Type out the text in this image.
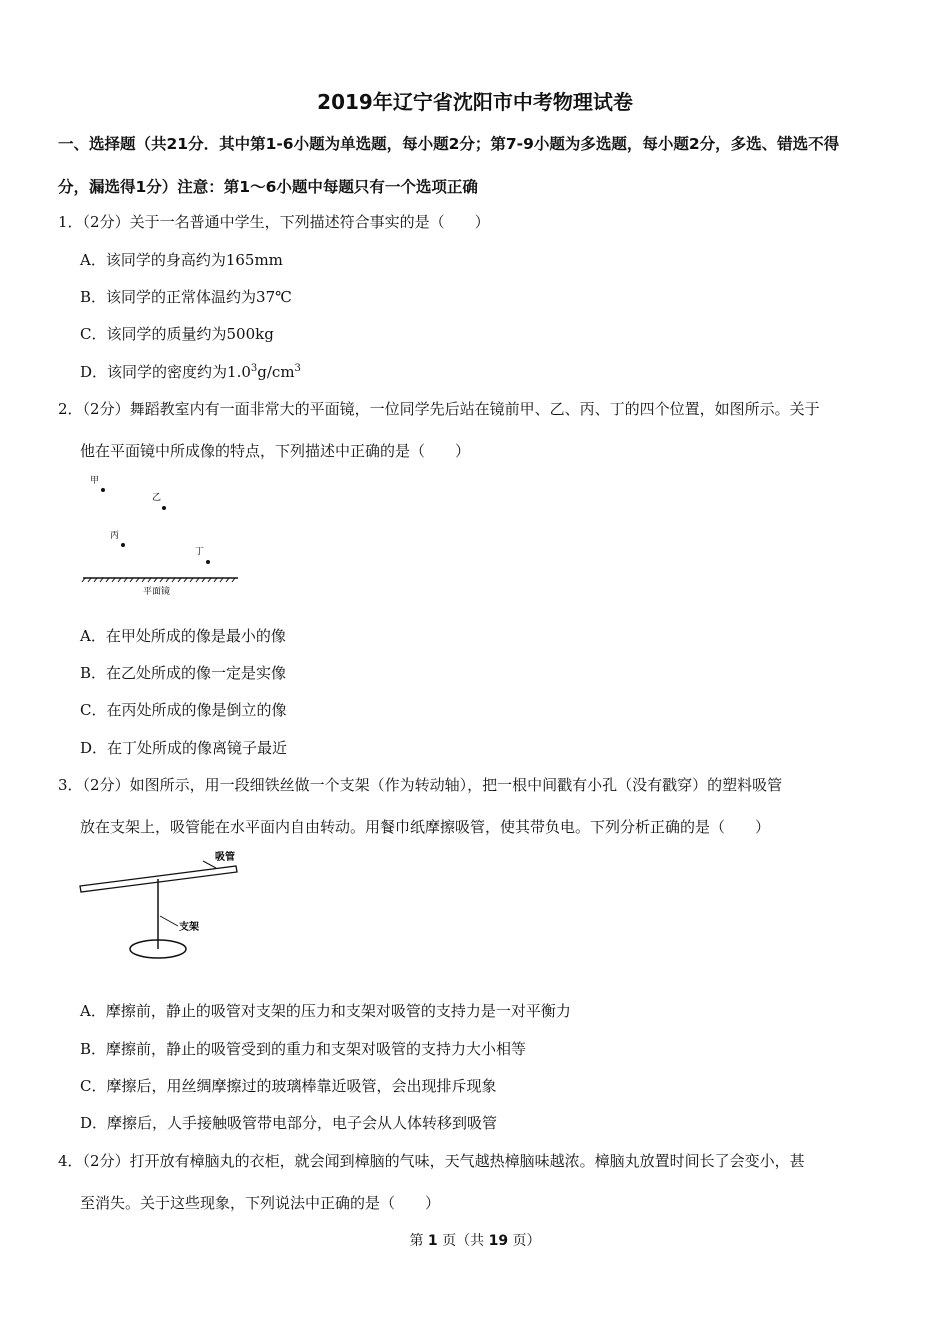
2019年辽宁省沈阳市中考物理试卷
一、选择题（共21分．其中第1-6小题为单选题，每小题2分；第7-9小题为多选题，每小题2分，多选、错选不得
分，漏选得1分）注意：第1～6小题中每题只有一个选项正确
1．（2分）关于一名普通中学生，下列描述符合事实的是（　　）
A．该同学的身高约为165mm
B．该同学的正常体温约为37℃
C．该同学的质量约为500kg
D．该同学的密度约为$1.0^3g/cm^3$
2．（2分）舞蹈教室内有一面非常大的平面镜，一位同学先后站在镜前甲、乙、丙、丁的四个位置，如图所示。关于
他在平面镜中所成像的特点，下列描述中正确的是（　　）
甲
乙
丙
丁
平面镜
A．在甲处所成的像是最小的像
B．在乙处所成的像一定是实像
C．在丙处所成的像是倒立的像
D．在丁处所成的像离镜子最近
3．（2分）如图所示，用一段细铁丝做一个支架（作为转动轴），把一根中间戳有小孔（没有戳穿）的塑料吸管
放在支架上，吸管能在水平面内自由转动。用餐巾纸摩擦吸管，使其带负电。下列分析正确的是（　　）
吸管
支架
A．摩擦前，静止的吸管对支架的压力和支架对吸管的支持力是一对平衡力
B．摩擦前，静止的吸管受到的重力和支架对吸管的支持力大小相等
C．摩擦后，用丝绸摩擦过的玻璃棒靠近吸管，会出现排斥现象
D．摩擦后，人手接触吸管带电部分，电子会从人体转移到吸管
4．（2分）打开放有樟脑丸的衣柜，就会闻到樟脑的气味，天气越热樟脑味越浓。樟脑丸放置时间长了会变小，甚
至消失。关于这些现象，下列说法中正确的是（　　）
第 1 页（共 19 页）
